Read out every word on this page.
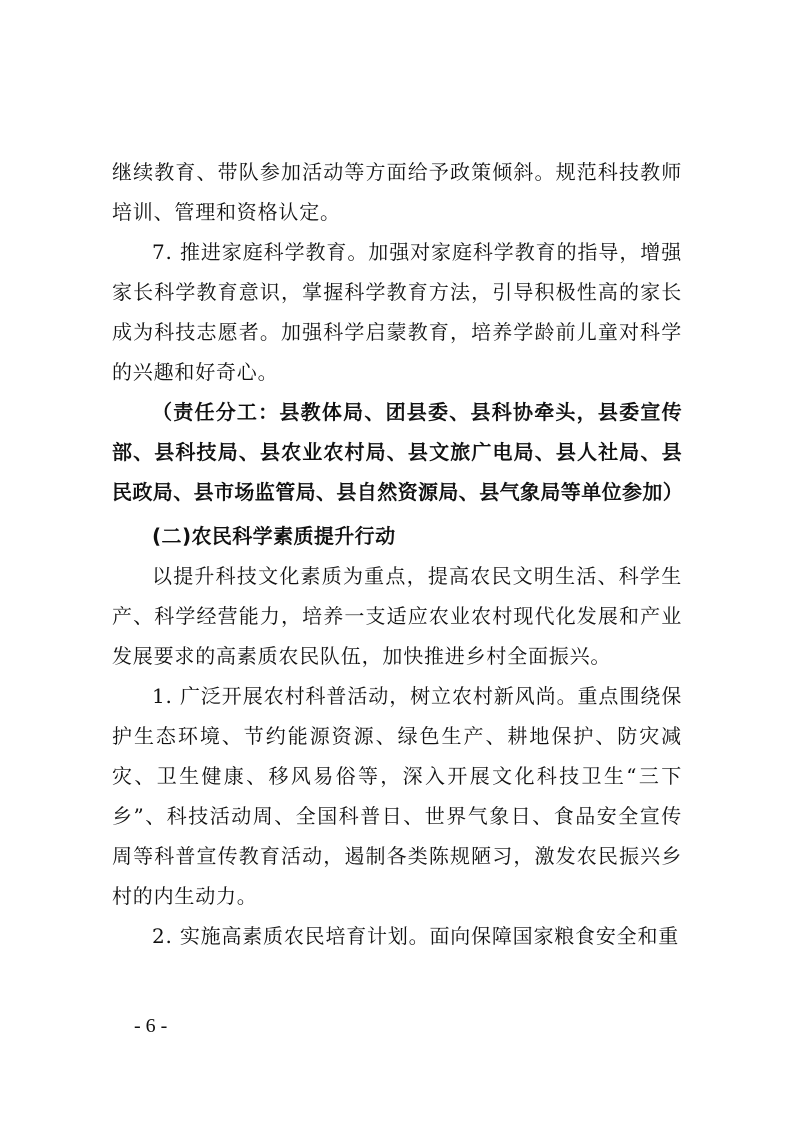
继续教育、带队参加活动等方面给予政策倾斜。规范科技教师培训、管理和资格认定。

7. 推进家庭科学教育。加强对家庭科学教育的指导，增强家长科学教育意识，掌握科学教育方法，引导积极性高的家长成为科技志愿者。加强科学启蒙教育，培养学龄前儿童对科学的兴趣和好奇心。

（责任分工：县教体局、团县委、县科协牵头，县委宣传部、县科技局、县农业农村局、县文旅广电局、县人社局、县民政局、县市场监管局、县自然资源局、县气象局等单位参加）

(二)农民科学素质提升行动

以提升科技文化素质为重点，提高农民文明生活、科学生产、科学经营能力，培养一支适应农业农村现代化发展和产业发展要求的高素质农民队伍，加快推进乡村全面振兴。

1. 广泛开展农村科普活动，树立农村新风尚。重点围绕保护生态环境、节约能源资源、绿色生产、耕地保护、防灾减灾、卫生健康、移风易俗等，深入开展文化科技卫生“三下乡”、科技活动周、全国科普日、世界气象日、食品安全宣传周等科普宣传教育活动，遏制各类陈规陋习，激发农民振兴乡村的内生动力。

2. 实施高素质农民培育计划。面向保障国家粮食安全和重

- 6 -
